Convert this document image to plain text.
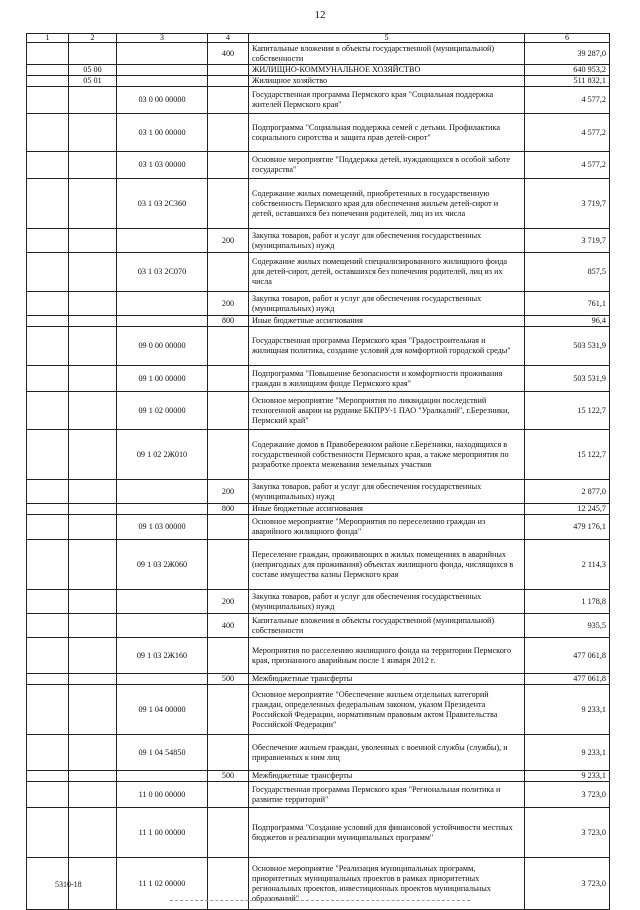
12
1	2	3	4	5	6
			400	Капитальные вложения в объекты государственной (муниципальной) собственности	39 287,0
	05 00			ЖИЛИЩНО-КОММУНАЛЬНОЕ ХОЗЯЙСТВО	640 953,2
	05 01			Жилищное хозяйство	511 832,1
		03 0 00 00000		Государственная программа Пермского края "Социальная поддержка жителей Пермского края"	4 577,2
		03 1 00 00000		Подпрограмма "Социальная поддержка семей с детьми. Профилактика социального сиротства и защита прав детей-сирот"	4 577,2
		03 1 03 00000		Основное мероприятие "Поддержка детей, нуждающихся в особой заботе государства"	4 577,2
		03 1 03 2С360		Содержание жилых помещений, приобретенных в государственную собственность Пермского края для обеспечения жильем детей-сирот и детей, оставшихся без попечения родителей, лиц из их числа	3 719,7
			200	Закупка товаров, работ и услуг для обеспечения государственных (муниципальных) нужд	3 719,7
		03 1 03 2С070		Содержание жилых помещений специализированного жилищного фонда для детей-сирот, детей, оставшихся без попечения родителей, лиц из их числа	857,5
			200	Закупка товаров, работ и услуг для обеспечения государственных (муниципальных) нужд	761,1
			800	Иные бюджетные ассигнования	96,4
		09 0 00 00000		Государственная программа Пермского края "Градостроительная и жилищная политика, создание условий для комфортной городской среды"	503 531,9
		09 1 00 00000		Подпрограмма "Повышение безопасности и комфортности проживания граждан в жилищном фонде Пермского края"	503 531,9
		09 1 02 00000		Основное мероприятие "Мероприятия по ликвидации последствий техногенной аварии на руднике БКПРУ-1 ПАО "Уралкалий", г.Березники, Пермский край"	15 122,7
		09 1 02 2Ж010		Содержание домов в Правобережном районе г.Березники, находящихся в государственной собственности Пермского края, а также мероприятия по разработке проекта межевания земельных участков	15 122,7
			200	Закупка товаров, работ и услуг для обеспечения государственных (муниципальных) нужд	2 877,0
			800	Иные бюджетные ассигнования	12 245,7
		09 1 03 00000		Основное мероприятие "Мероприятия по переселению граждан из аварийного жилищного фонда"	479 176,1
		09 1 03 2Ж060		Переселение граждан, проживающих в жилых помещениях в аварийных (непригодных для проживания) объектах жилищного фонда, числящихся в составе имущества казны Пермского края	2 114,3
			200	Закупка товаров, работ и услуг для обеспечения государственных (муниципальных) нужд	1 178,8
			400	Капитальные вложения в объекты государственной (муниципальной) собственности	935,5
		09 1 03 2Ж160		Мероприятия по расселению жилищного фонда на территории Пермского края, признанного аварийным после 1 января 2012 г.	477 061,8
			500	Межбюджетные трансферты	477 061,8
		09 1 04 00000		Основное мероприятие "Обеспечение жильем отдельных категорий граждан, определенных федеральным законом, указом Президента Российской Федерации, нормативным правовым актом Правительства Российской Федерации"	9 233,1
		09 1 04 54850		Обеспечение жильем граждан, уволенных с военной службы (службы), и приравненных к ним лиц	9 233,1
			500	Межбюджетные трансферты	9 233,1
		11 0 00 00000		Государственная программа Пермского края "Региональная политика и развитие территорий"	3 723,0
		11 1 00 00000		Подпрограмма "Создание условий для финансовой устойчивости местных бюджетов и реализации муниципальных программ"	3 723,0
		11 1 02 00000		Основное мероприятие "Реализация муниципальных программ, приоритетных муниципальных проектов в рамках приоритетных региональных проектов, инвестиционных проектов муниципальных образований"	3 723,0
5310-18
